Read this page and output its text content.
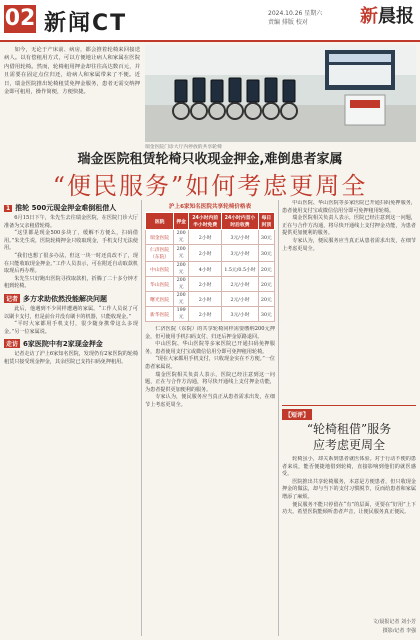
02 新闻CT	2024.10.26 星期六
责编 排版 校对	新晨报
如今，无论于产床前、病房，都会推着轮椅来回接送病人。以有偿租用方式，可以方便地让病人和家属在医院内借用轮椅。然而，轮椅租用押金却往往高达数百元，并且需要在固定点位归还，给病人和家属带来了不便。近日，瑞金医院推出轮椅租赁免押金服务，患者无需交纳押金即可租用，操作简便，方便快捷。
瑞金医院门诊大厅内停放的共享轮椅
瑞金医院租赁轮椅只收现金押金,难倒患者家属
“便民服务”如何考虑更周全
1 推轮 500元现金押金难倒租借人

6月15日下午，朱先生去往瑞金医院，在医院门诊大厅准备为父亲租借轮椅。

“这里都是现金500多块了，缓解不方便么，扫码借用。”朱先生说，医院轮椅押金只收取现金，手机支付无法使用。

“我们也想了很多办法，但这一块一时还真改不了，现在只能收取现金押金。”工作人员表示，可在附近自动取款机取现后再办理。

朱先生只好跑出医院寻找取款机，折腾了二十多分钟才租到轮椅。

记者 多方求助依然没能解决问题

此后，他遇到不少同样遭遇的家属。“工作人员说了可以刷卡支付，但是前台并没有刷卡的机器，只能收现金。”

“平时大家都用手机支付，很少随身携带这么多现金。”另一位家属说。

走访 6家医院中有2家现金押金

记者走访了沪上6家知名医院，发现仍有2家医院的轮椅租赁只接受现金押金，其余医院已支持扫码免押租用。

沪上6家知名医院共享轮椅价格表
医院	押金	24小时内前半小时免费	24小时内首小时后收费	每日封顶
瑞金医院	200元	2小时	3元/小时	30元
仁济医院（东院）	200元	2小时	3元/小时	30元
中山医院	200元	4小时	1.5元/0.5小时	20元
华山医院	200元	2小时	2元/小时	20元
曙光医院	200元	2小时	2元/小时	20元
新华医院	199元	2小时	3元/小时	30元

仁济医院（东院）的共享轮椅同样需要缴纳200元押金，但可使用手机扫码支付，归还后押金原路退回。

中山医院、华山医院等多家医院已开通扫码免押服务，患者使用支付宝或微信信用分即可免押租用轮椅。

“现在大家都用手机支付，只收现金实在不方便。”一位患者家属说。

瑞金医院相关负责人表示，医院已经注意到这一问题，正在与合作方沟通，将尽快开通线上支付押金功能，为患者提供更加便利的服务。

专家认为，便民服务应当真正从患者需求出发，在细节上考虑更周全。

中山医院、华山医院等多家医院已开通扫码免押服务，患者使用支付宝或微信信用分即可免押租用轮椅。

瑞金医院相关负责人表示，医院已经注意到这一问题，正在与合作方沟通，将尽快开通线上支付押金功能，为患者提供更加便利的服务。

专家认为，便民服务应当真正从患者需求出发，在细节上考虑更周全。

【短评】
“轮椅租借”服务
应考虑更周全

轮椅虽小，却关系到患者就医体验。对于行动不便的患者来说，能否便捷地借到轮椅，直接影响到他们的就医感受。

医院推出共享轮椅服务，本意是方便患者，但只收现金押金的做法，却与当下的支付习惯脱节，反而给患者和家属增添了麻烦。

便民服务不能只停留在“有”的层面，更要在“好用”上下功夫。希望医院能倾听患者声音，让便民服务真正便民。

文/晨报记者 刘小芳
摄影/记者 李强
